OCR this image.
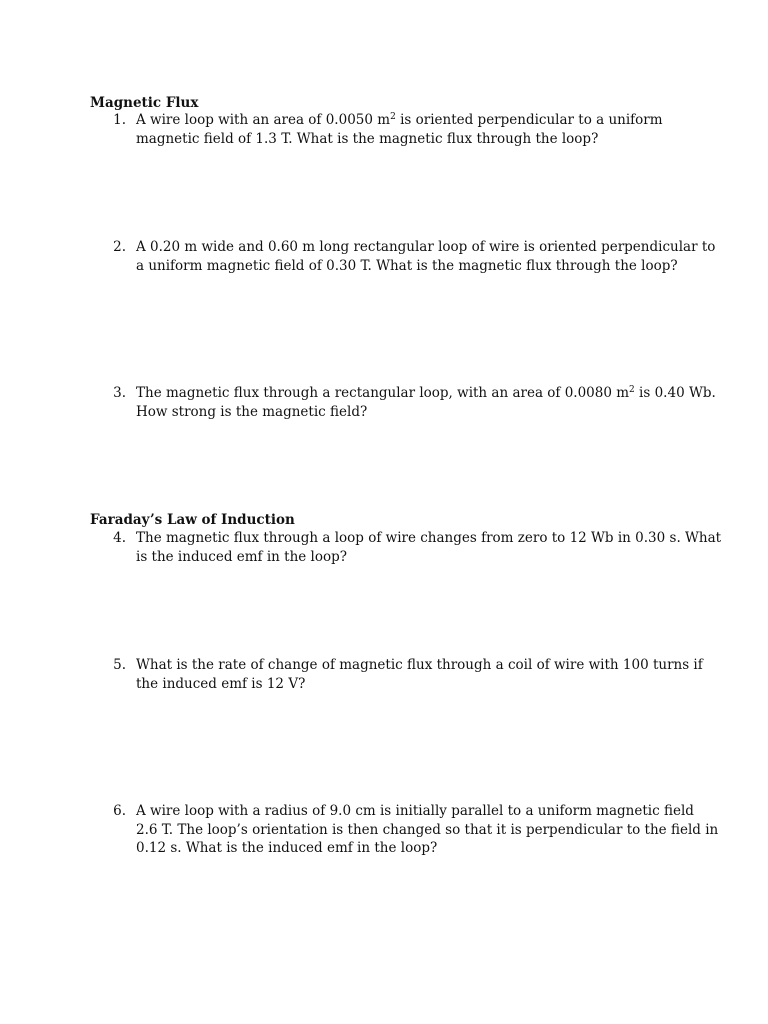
Magnetic Flux
1. A wire loop with an area of 0.0050 $m^2$ is oriented perpendicular to a uniform
magnetic field of 1.3 T. What is the magnetic flux through the loop?
2. A 0.20 m wide and 0.60 m long rectangular loop of wire is oriented perpendicular to
a uniform magnetic field of 0.30 T. What is the magnetic flux through the loop?
3. The magnetic flux through a rectangular loop, with an area of 0.0080 $m^2$ is 0.40 Wb.
How strong is the magnetic field?
Faraday’s Law of Induction
4. The magnetic flux through a loop of wire changes from zero to 12 Wb in 0.30 s. What
is the induced emf in the loop?
5. What is the rate of change of magnetic flux through a coil of wire with 100 turns if
the induced emf is 12 V?
6. A wire loop with a radius of 9.0 cm is initially parallel to a uniform magnetic field
2.6 T. The loop’s orientation is then changed so that it is perpendicular to the field in
0.12 s. What is the induced emf in the loop?
